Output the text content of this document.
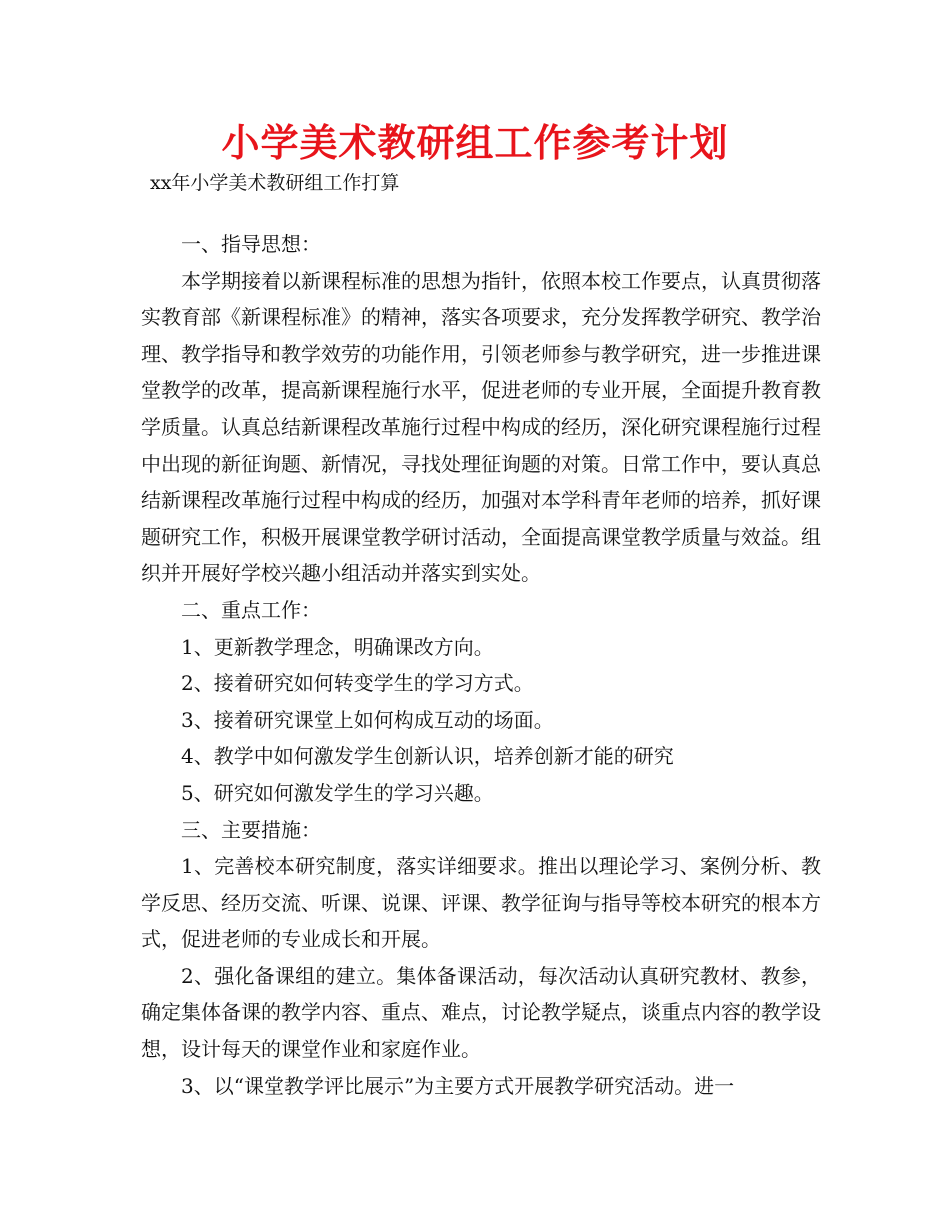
小学美术教研组工作参考计划
xx年小学美术教研组工作打算

一、指导思想：

本学期接着以新课程标准的思想为指针，依照本校工作要点，认真贯彻落实教育部《新课程标准》的精神，落实各项要求，充分发挥教学研究、教学治理、教学指导和教学效劳的功能作用，引领老师参与教学研究，进一步推进课堂教学的改革，提高新课程施行水平，促进老师的专业开展，全面提升教育教学质量。认真总结新课程改革施行过程中构成的经历，深化研究课程施行过程中出现的新征询题、新情况，寻找处理征询题的对策。日常工作中，要认真总结新课程改革施行过程中构成的经历，加强对本学科青年老师的培养，抓好课题研究工作，积极开展课堂教学研讨活动，全面提高课堂教学质量与效益。组织并开展好学校兴趣小组活动并落实到实处。

二、重点工作：

1、更新教学理念，明确课改方向。

2、接着研究如何转变学生的学习方式。

3、接着研究课堂上如何构成互动的场面。

4、教学中如何激发学生创新认识，培养创新才能的研究

5、研究如何激发学生的学习兴趣。

三、主要措施：

1、完善校本研究制度，落实详细要求。推出以理论学习、案例分析、教学反思、经历交流、听课、说课、评课、教学征询与指导等校本研究的根本方式，促进老师的专业成长和开展。

2、强化备课组的建立。集体备课活动，每次活动认真研究教材、教参，确定集体备课的教学内容、重点、难点，讨论教学疑点，谈重点内容的教学设想，设计每天的课堂作业和家庭作业。

3、以“课堂教学评比展示”为主要方式开展教学研究活动。进一
